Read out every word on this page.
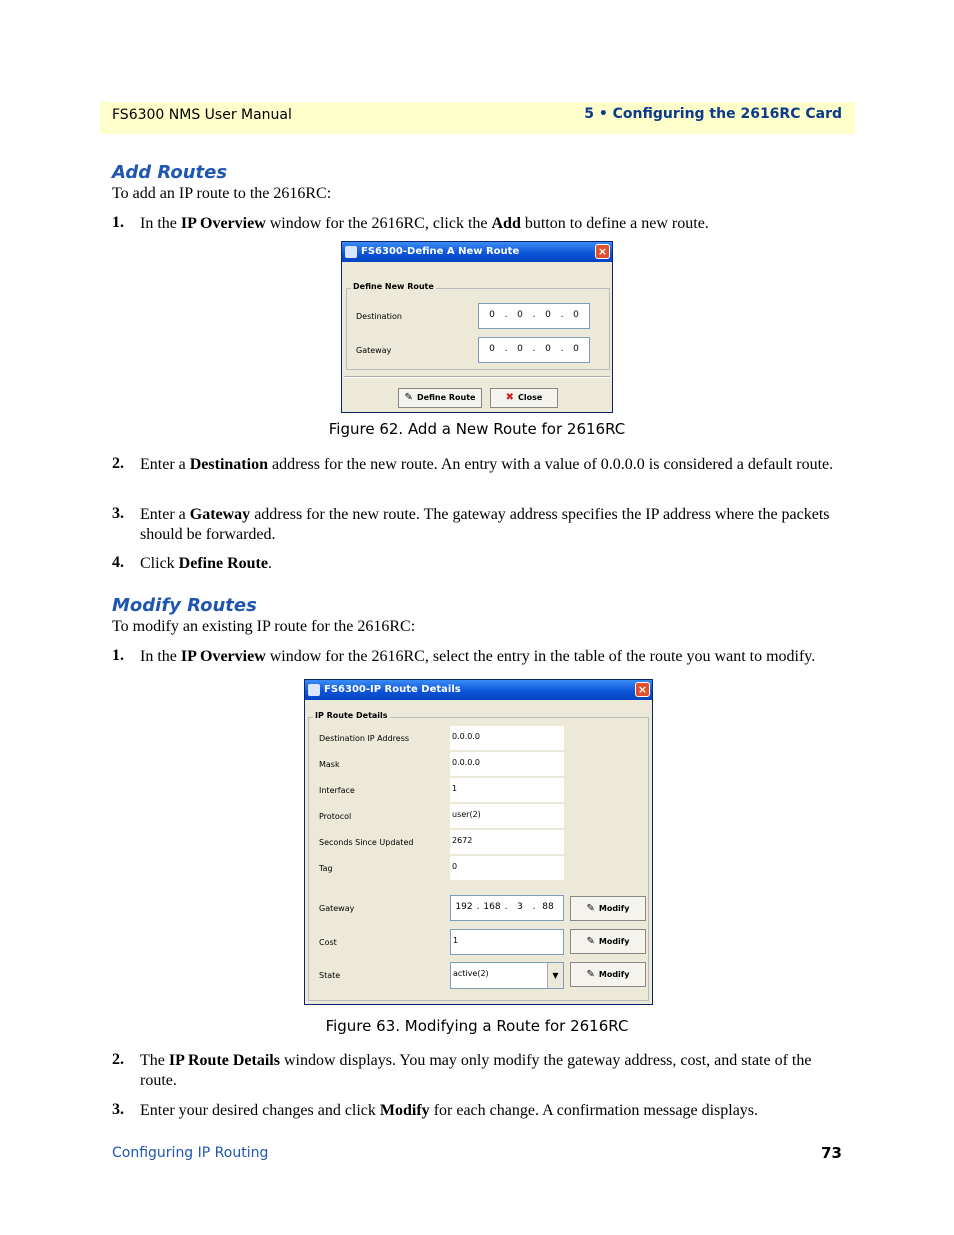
FS6300 NMS User Manual	5 • Configuring the 2616RC Card
Add Routes
To add an IP route to the 2616RC:
1. In the IP Overview window for the 2616RC, click the Add button to define a new route.
FS6300-Define A New Route	×
Define New Route
Destination	0	.	0	.	0	.	0
Gateway	0	.	0	.	0	.	0
✎ Define Route	✖ Close
Figure 62. Add a New Route for 2616RC
2. Enter a Destination address for the new route. An entry with a value of 0.0.0.0 is considered a default route.
3. Enter a Gateway address for the new route. The gateway address specifies the IP address where the packets should be forwarded.
4. Click Define Route.
Modify Routes
To modify an existing IP route for the 2616RC:
1. In the IP Overview window for the 2616RC, select the entry in the table of the route you want to modify.
FS6300-IP Route Details	×
IP Route Details
Destination IP Address	0.0.0.0
Mask	0.0.0.0
Interface	1
Protocol	user(2)
Seconds Since Updated	2672
Tag	0
Gateway	192 . 168 .	3	. 88	✎ Modify
Cost	1	✎ Modify
State	active(2)	▼	✎ Modify
Figure 63. Modifying a Route for 2616RC
2. The IP Route Details window displays. You may only modify the gateway address, cost, and state of the route.
3. Enter your desired changes and click Modify for each change. A confirmation message displays.
Configuring IP Routing	73
